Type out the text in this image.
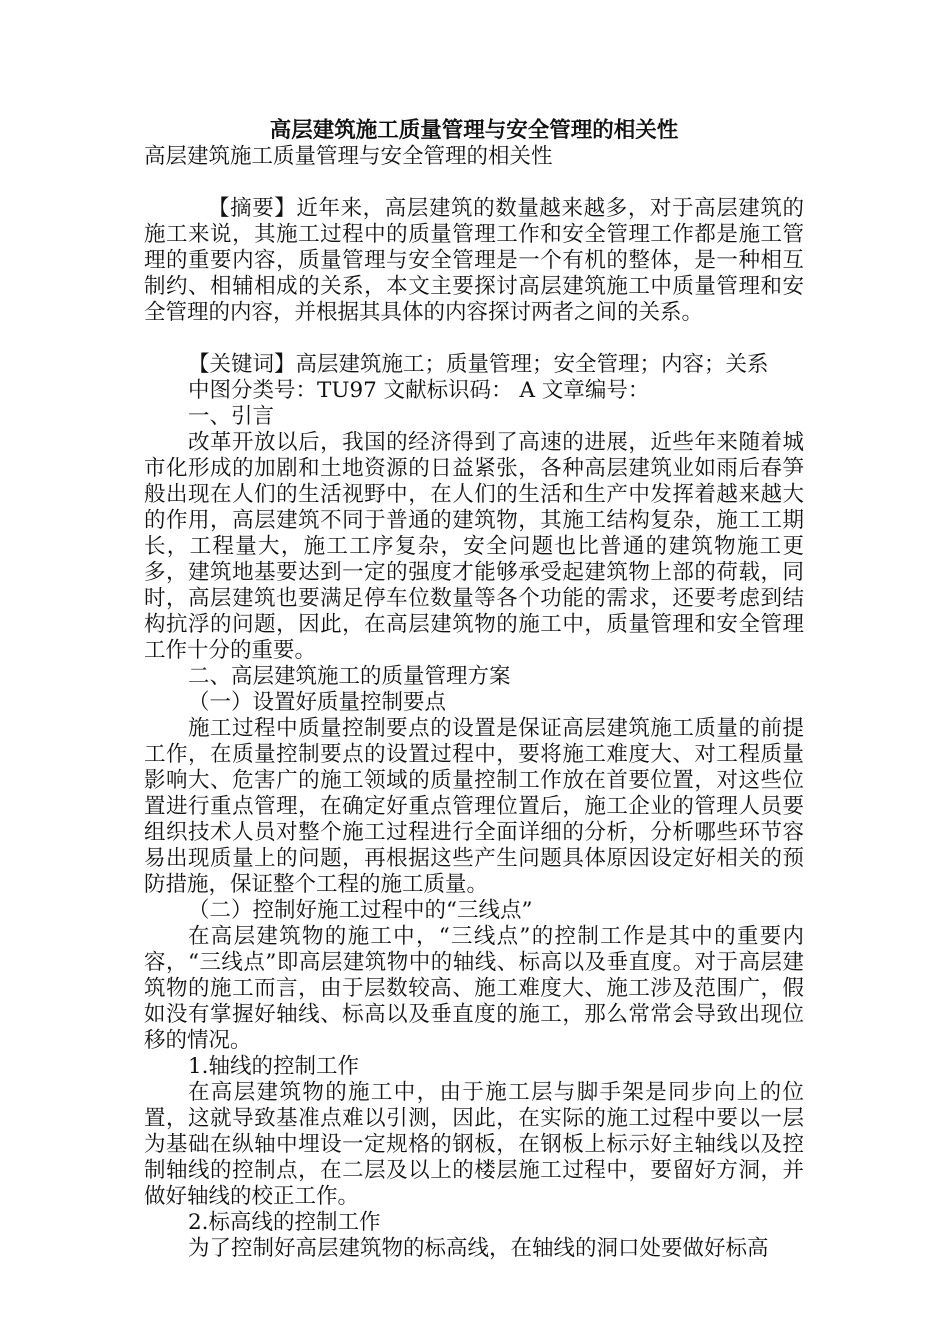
高层建筑施工质量管理与安全管理的相关性

高层建筑施工质量管理与安全管理的相关性

【摘要】近年来，高层建筑的数量越来越多，对于高层建筑的施工来说，其施工过程中的质量管理工作和安全管理工作都是施工管理的重要内容，质量管理与安全管理是一个有机的整体，是一种相互制约、相辅相成的关系，本文主要探讨高层建筑施工中质量管理和安全管理的内容，并根据其具体的内容探讨两者之间的关系。

【关键词】高层建筑施工；质量管理；安全管理；内容；关系

中图分类号：TU97 文献标识码： A 文章编号：

一、引言

改革开放以后，我国的经济得到了高速的进展，近些年来随着城市化形成的加剧和土地资源的日益紧张，各种高层建筑业如雨后春笋般出现在人们的生活视野中，在人们的生活和生产中发挥着越来越大的作用，高层建筑不同于普通的建筑物，其施工结构复杂，施工工期长，工程量大，施工工序复杂，安全问题也比普通的建筑物施工更多，建筑地基要达到一定的强度才能够承受起建筑物上部的荷载，同时，高层建筑也要满足停车位数量等各个功能的需求，还要考虑到结构抗浮的问题，因此，在高层建筑物的施工中，质量管理和安全管理工作十分的重要。

二、高层建筑施工的质量管理方案

（一）设置好质量控制要点

施工过程中质量控制要点的设置是保证高层建筑施工质量的前提工作，在质量控制要点的设置过程中，要将施工难度大、对工程质量影响大、危害广的施工领域的质量控制工作放在首要位置，对这些位置进行重点管理，在确定好重点管理位置后，施工企业的管理人员要组织技术人员对整个施工过程进行全面详细的分析，分析哪些环节容易出现质量上的问题，再根据这些产生问题具体原因设定好相关的预防措施，保证整个工程的施工质量。

（二）控制好施工过程中的“三线点”

在高层建筑物的施工中，“三线点”的控制工作是其中的重要内容，“三线点”即高层建筑物中的轴线、标高以及垂直度。对于高层建筑物的施工而言，由于层数较高、施工难度大、施工涉及范围广，假如没有掌握好轴线、标高以及垂直度的施工，那么常常会导致出现位移的情况。

1.轴线的控制工作

在高层建筑物的施工中，由于施工层与脚手架是同步向上的位置，这就导致基准点难以引测，因此，在实际的施工过程中要以一层为基础在纵轴中埋设一定规格的钢板，在钢板上标示好主轴线以及控制轴线的控制点，在二层及以上的楼层施工过程中，要留好方洞，并做好轴线的校正工作。

2.标高线的控制工作

为了控制好高层建筑物的标高线，在轴线的洞口处要做好标高
